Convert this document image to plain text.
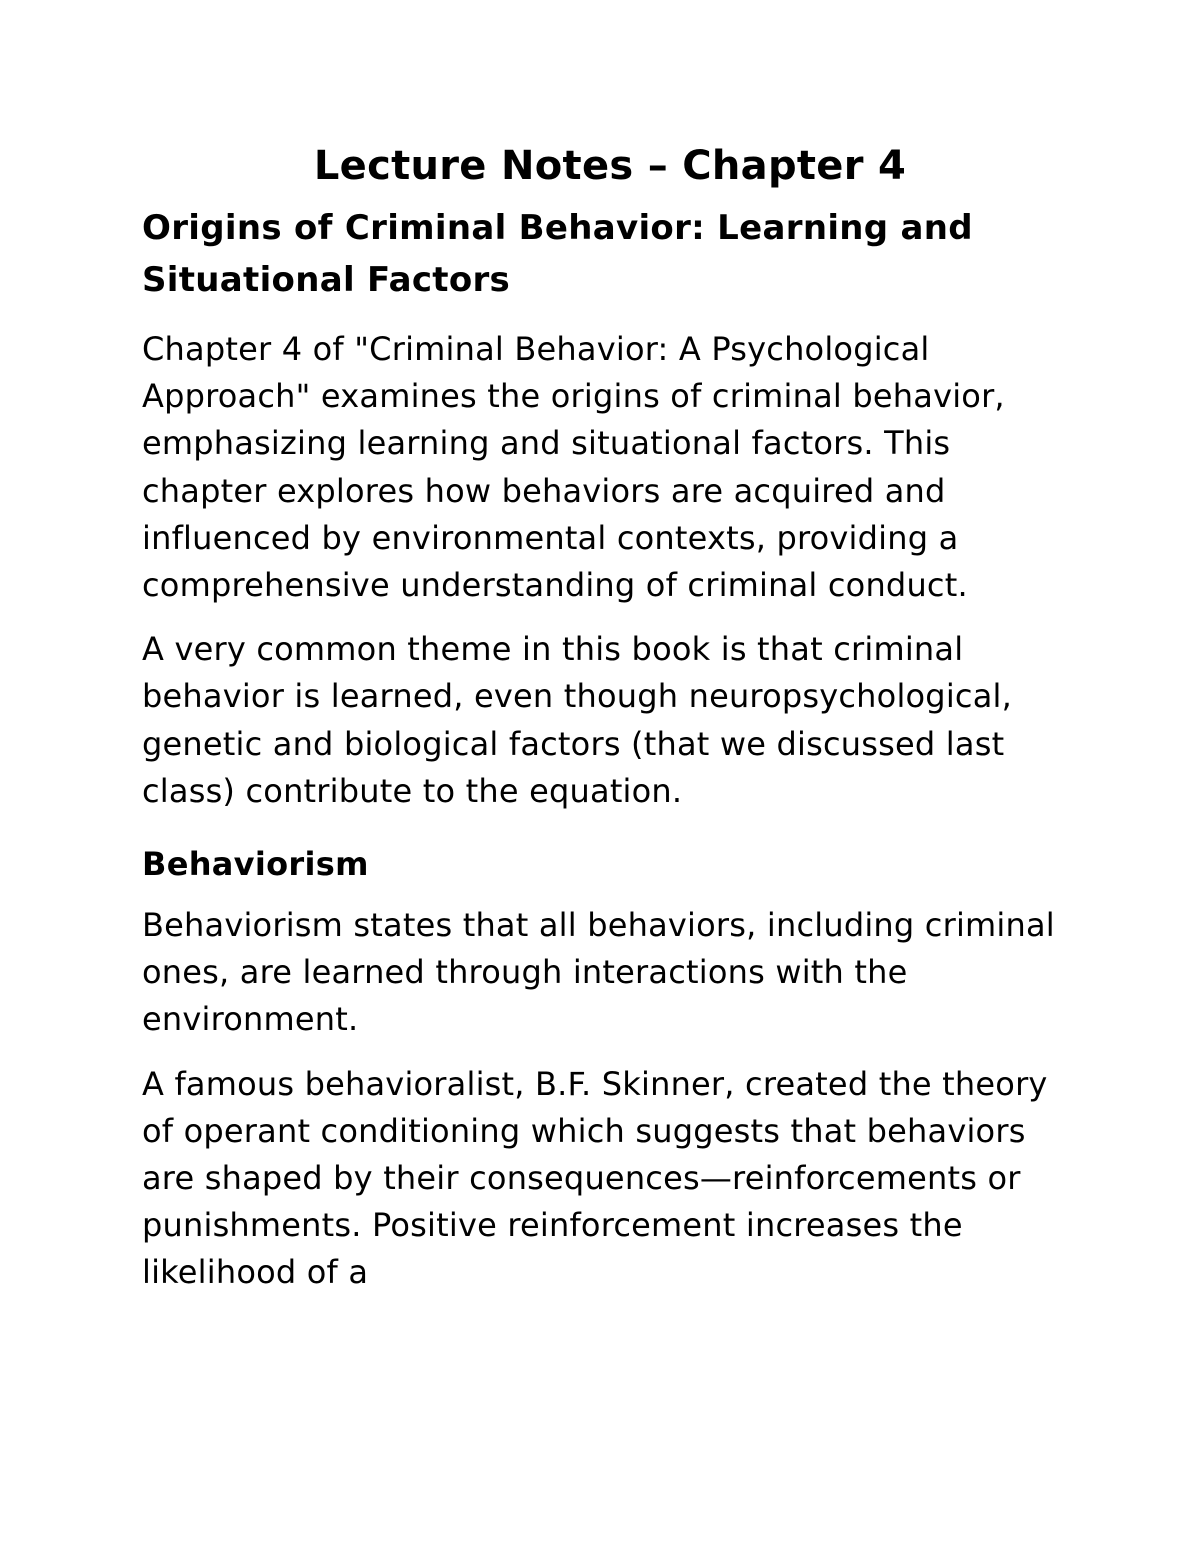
Lecture Notes – Chapter 4
Origins of Criminal Behavior: Learning and Situational Factors

Chapter 4 of "Criminal Behavior: A Psychological Approach" examines the origins of criminal behavior, emphasizing learning and situational factors. This chapter explores how behaviors are acquired and influenced by environmental contexts, providing a comprehensive understanding of criminal conduct.

A very common theme in this book is that criminal behavior is learned, even though neuropsychological, genetic and biological factors (that we discussed last class) contribute to the equation.

Behaviorism

Behaviorism states that all behaviors, including criminal ones, are learned through interactions with the environment.

A famous behavioralist, B.F. Skinner, created the theory of operant conditioning which suggests that behaviors are shaped by their consequences—reinforcements or punishments. Positive reinforcement increases the likelihood of a
